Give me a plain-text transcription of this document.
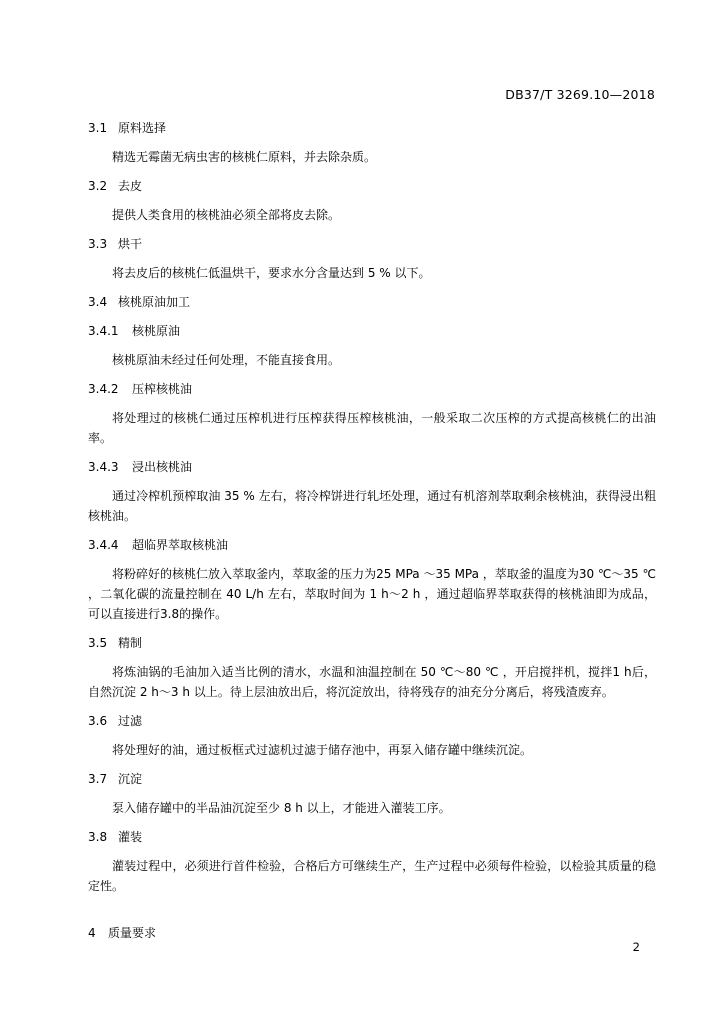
DB37/T 3269.10—2018
3.1 原料选择

精选无霉菌无病虫害的核桃仁原料，并去除杂质。

3.2 去皮

提供人类食用的核桃油必须全部将皮去除。

3.3 烘干

将去皮后的核桃仁低温烘干，要求水分含量达到 5 % 以下。

3.4 核桃原油加工
3.4.1 核桃原油

核桃原油未经过任何处理，不能直接食用。

3.4.2 压榨核桃油

将处理过的核桃仁通过压榨机进行压榨获得压榨核桃油，一般采取二次压榨的方式提高核桃仁的出油率。

3.4.3 浸出核桃油

通过冷榨机预榨取油 35 % 左右，将冷榨饼进行轧坯处理，通过有机溶剂萃取剩余核桃油，获得浸出粗核桃油。

3.4.4 超临界萃取核桃油

将粉碎好的核桃仁放入萃取釜内，萃取釜的压力为25 MPa ～35 MPa ，萃取釜的温度为30 ℃～35 ℃ ，二氧化碳的流量控制在 40 L/h 左右，萃取时间为 1 h～2 h ，通过超临界萃取获得的核桃油即为成品，可以直接进行3.8的操作。

3.5 精制

将炼油锅的毛油加入适当比例的清水，水温和油温控制在 50 ℃～80 ℃ ，开启搅拌机，搅拌1 h后，自然沉淀 2 h～3 h 以上。待上层油放出后，将沉淀放出，待将残存的油充分分离后，将残渣废弃。

3.6 过滤

将处理好的油，通过板框式过滤机过滤于储存池中，再泵入储存罐中继续沉淀。

3.7 沉淀

泵入储存罐中的半品油沉淀至少 8 h 以上，才能进入灌装工序。

3.8 灌装

灌装过程中，必须进行首件检验，合格后方可继续生产，生产过程中必须每件检验，以检验其质量的稳定性。

4 质量要求
2
